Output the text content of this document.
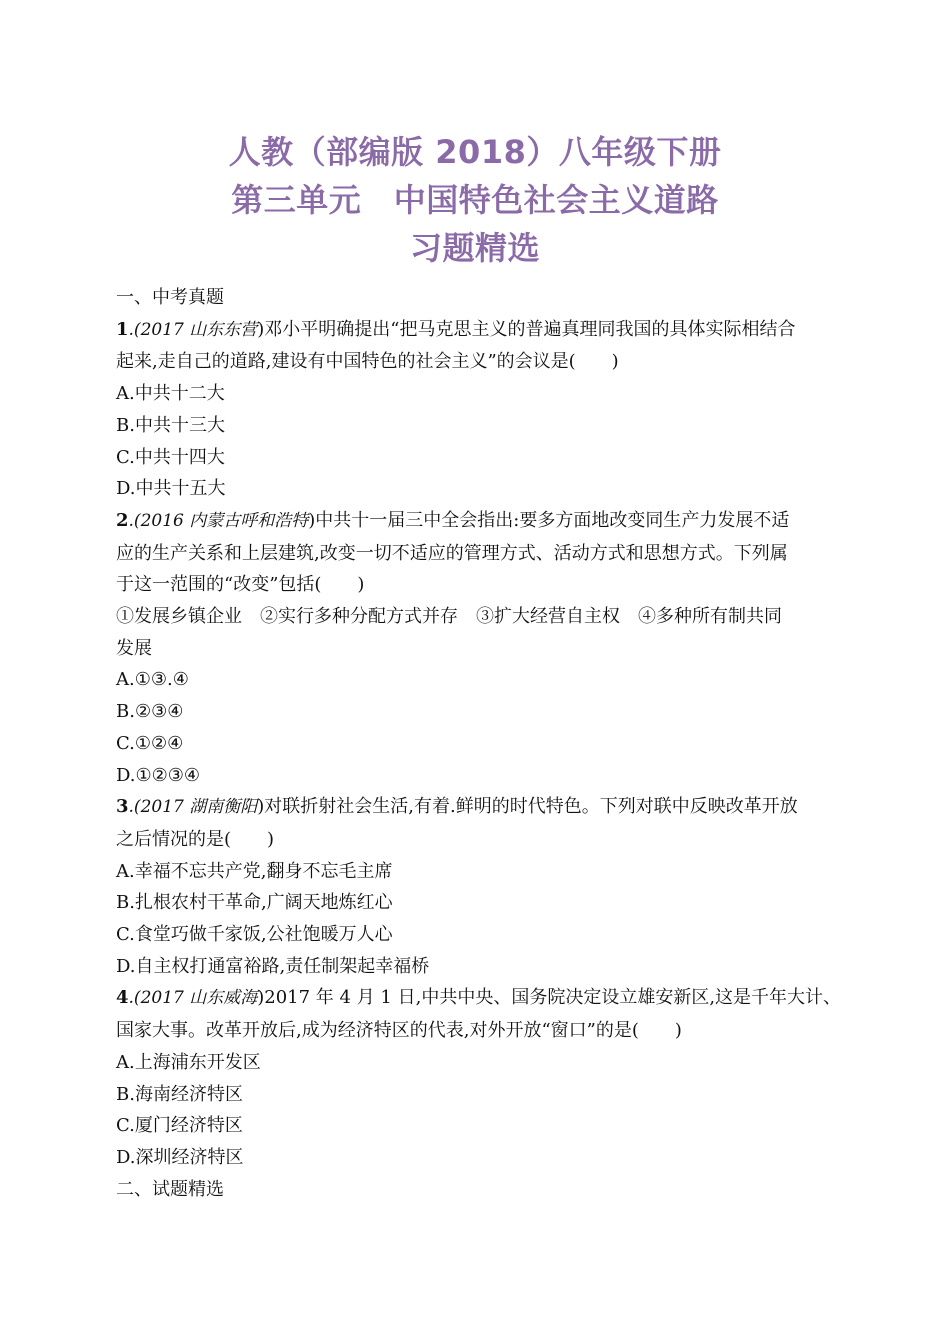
人教（部编版 2018）八年级下册
第三单元　中国特色社会主义道路
习题精选
一、中考真题
1.(2017 山东东营)邓小平明确提出“把马克思主义的普遍真理同我国的具体实际相结合
起来,走自己的道路,建设有中国特色的社会主义”的会议是(　　)
A.中共十二大
B.中共十三大
C.中共十四大
D.中共十五大
2.(2016 内蒙古呼和浩特)中共十一届三中全会指出:要多方面地改变同生产力发展不适
应的生产关系和上层建筑,改变一切不适应的管理方式、活动方式和思想方式。下列属
于这一范围的“改变”包括(　　)
①发展乡镇企业　②实行多种分配方式并存　③扩大经营自主权　④多种所有制共同
发展
A.①③.④
B.②③④
C.①②④
D.①②③④
3.(2017 湖南衡阳)对联折射社会生活,有着.鲜明的时代特色。下列对联中反映改革开放
之后情况的是(　　)
A.幸福不忘共产党,翻身不忘毛主席
B.扎根农村干革命,广阔天地炼红心
C.食堂巧做千家饭,公社饱暖万人心
D.自主权打通富裕路,责任制架起幸福桥
4.(2017 山东威海)2017 年 4 月 1 日,中共中央、国务院决定设立雄安新区,这是千年大计、
国家大事。改革开放后,成为经济特区的代表,对外开放“窗口”的是(　　)
A.上海浦东开发区
B.海南经济特区
C.厦门经济特区
D.深圳经济特区
二、试题精选
